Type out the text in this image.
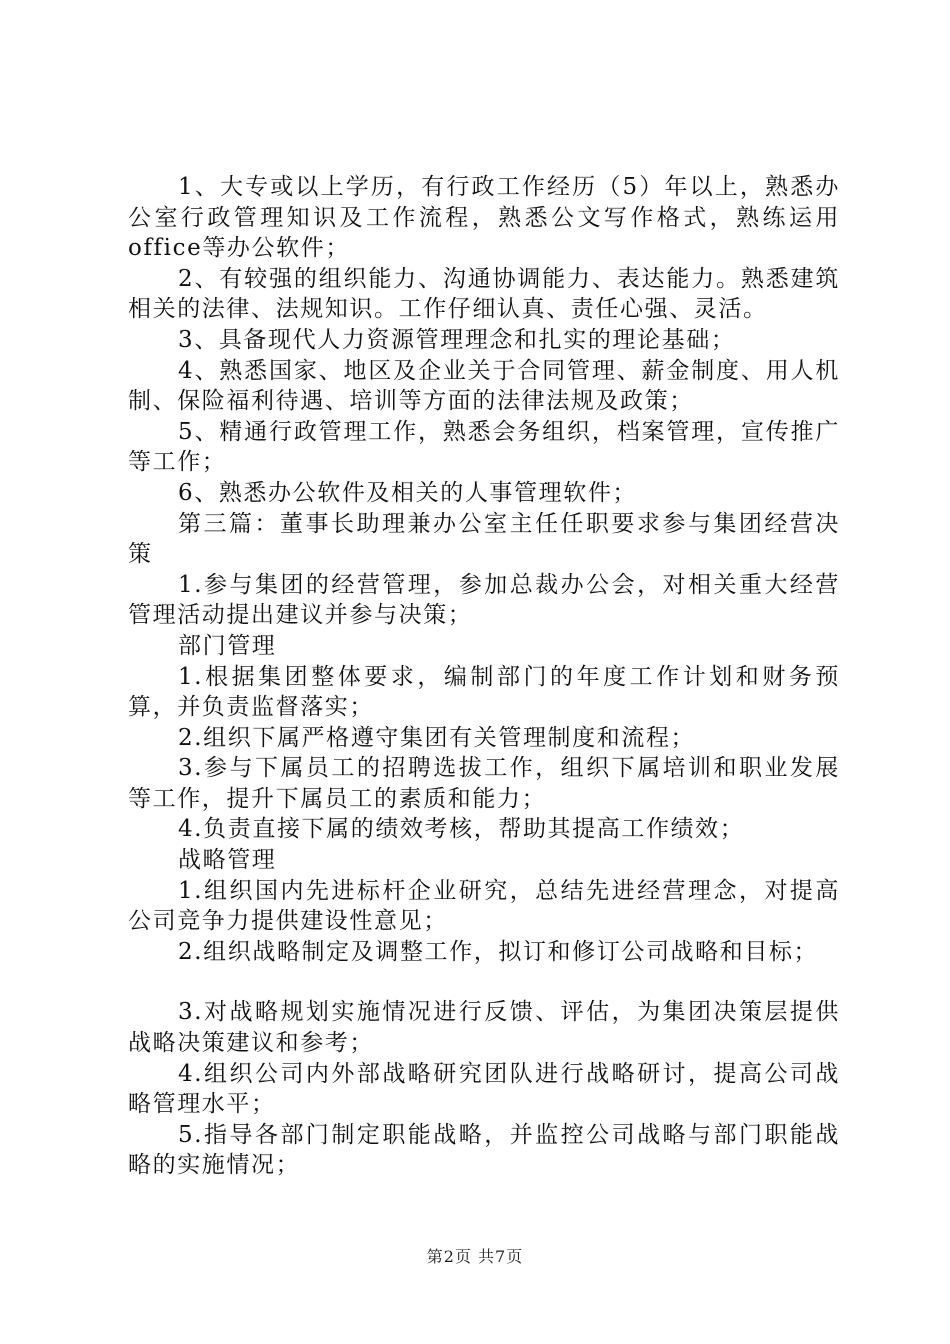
1、大专或以上学历，有行政工作经历（5）年以上，熟悉办公室行政管理知识及工作流程，熟悉公文写作格式，熟练运用office等办公软件；

2、有较强的组织能力、沟通协调能力、表达能力。熟悉建筑相关的法律、法规知识。工作仔细认真、责任心强、灵活。

3、具备现代人力资源管理理念和扎实的理论基础；

4、熟悉国家、地区及企业关于合同管理、薪金制度、用人机制、保险福利待遇、培训等方面的法律法规及政策；

5、精通行政管理工作，熟悉会务组织，档案管理，宣传推广等工作；

6、熟悉办公软件及相关的人事管理软件；

第三篇：董事长助理兼办公室主任任职要求参与集团经营决策

1.参与集团的经营管理，参加总裁办公会，对相关重大经营管理活动提出建议并参与决策；

部门管理

1.根据集团整体要求，编制部门的年度工作计划和财务预算，并负责监督落实；

2.组织下属严格遵守集团有关管理制度和流程；

3.参与下属员工的招聘选拔工作，组织下属培训和职业发展等工作，提升下属员工的素质和能力；

4.负责直接下属的绩效考核，帮助其提高工作绩效；

战略管理

1.组织国内先进标杆企业研究，总结先进经营理念，对提高公司竞争力提供建设性意见；

2.组织战略制定及调整工作，拟订和修订公司战略和目标；

3.对战略规划实施情况进行反馈、评估，为集团决策层提供战略决策建议和参考；

4.组织公司内外部战略研究团队进行战略研讨，提高公司战略管理水平；

5.指导各部门制定职能战略，并监控公司战略与部门职能战略的实施情况；

第2页 共7页
